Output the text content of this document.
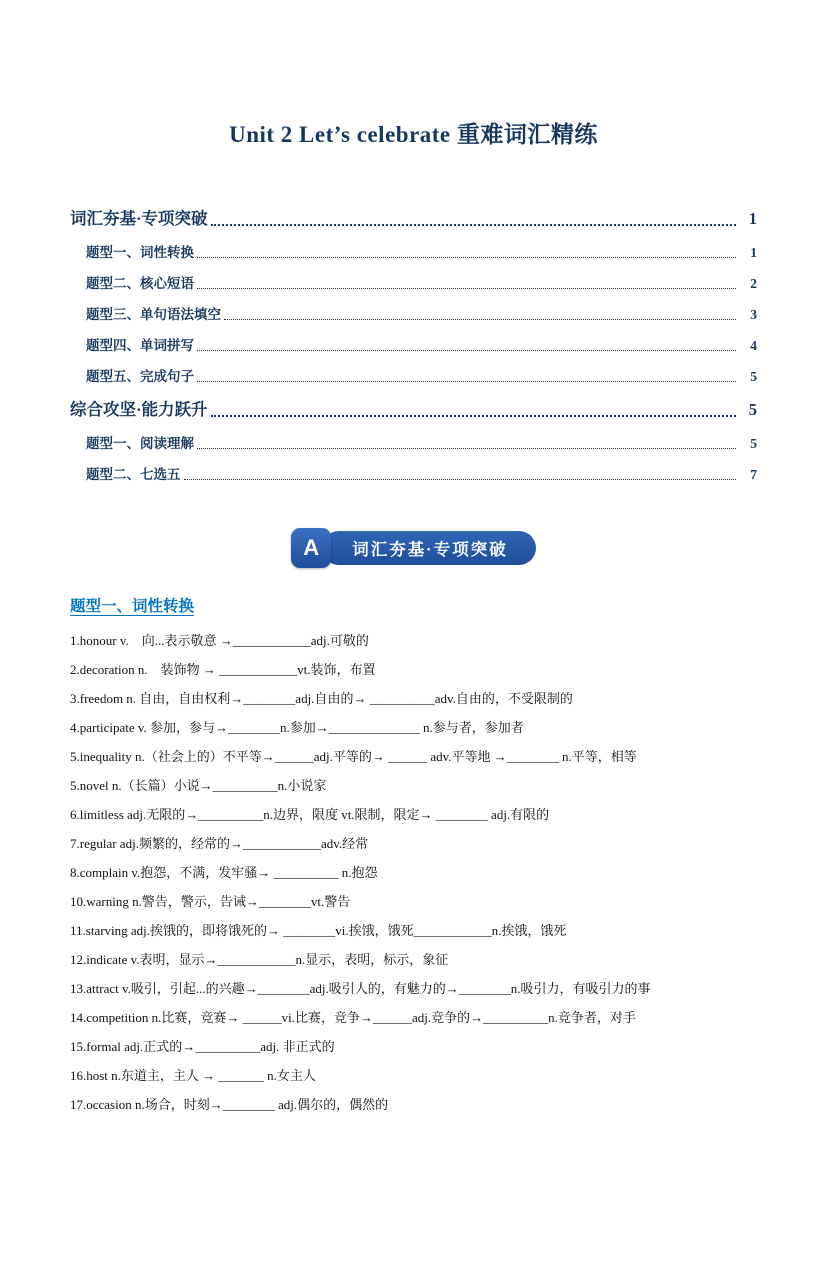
Unit 2 Let’s celebrate 重难词汇精练
词汇夯基·专项突破	1
题型一、词性转换	1
题型二、核心短语	2
题型三、单句语法填空	3
题型四、单词拼写	4
题型五、完成句子	5
综合攻坚·能力跃升	5
题型一、阅读理解	5
题型二、七选五	7
A	词汇夯基·专项突破
题型一、词性转换
1.honour v.　向...表示敬意 →____________adj.可敬的
2.decoration n.　装饰物 → ____________vt.装饰，布置
3.freedom n. 自由，自由权利→________adj.自由的→ __________adv.自由的，不受限制的
4.participate v. 参加，参与→________n.参加→______________ n.参与者，参加者
5.inequality n.（社会上的）不平等→______adj.平等的→ ______ adv.平等地 →________ n.平等，相等
5.novel n.（长篇）小说→__________n.小说家
6.limitless adj.无限的→__________n.边界，限度 vt.限制，限定→ ________ adj.有限的
7.regular adj.频繁的，经常的→____________adv.经常
8.complain v.抱怨，不满，发牢骚→ __________ n.抱怨
10.warning n.警告，警示，告诫→________vt.警告
11.starving adj.挨饿的，即将饿死的→ ________vi.挨饿，饿死____________n.挨饿，饿死
12.indicate v.表明，显示→____________n.显示，表明，标示，象征
13.attract v.吸引，引起...的兴趣→________adj.吸引人的，有魅力的→________n.吸引力，有吸引力的事
14.competition n.比赛，竞赛→ ______vi.比赛，竞争→______adj.竞争的→__________n.竞争者，对手
15.formal adj.正式的→__________adj. 非正式的
16.host n.东道主，主人 → _______ n.女主人
17.occasion n.场合，时刻→________ adj.偶尔的，偶然的
